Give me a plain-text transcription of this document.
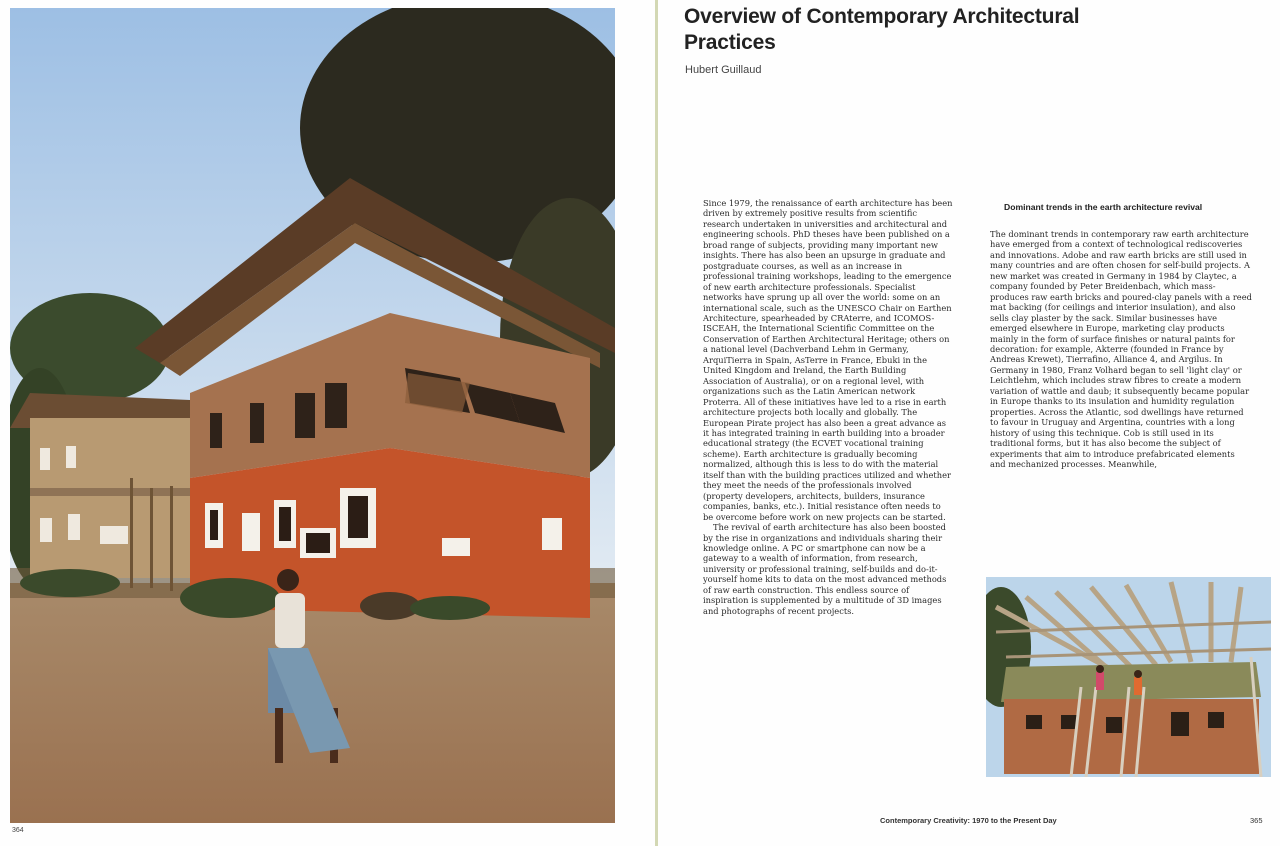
364
Overview of Contemporary Architectural Practices
Hubert Guillaud

Since 1979, the renaissance of earth architecture has been driven by extremely positive results from scientific research undertaken in universities and architectural and engineering schools. PhD theses have been published on a broad range of subjects, providing many important new insights. There has also been an upsurge in graduate and postgraduate courses, as well as an increase in professional training workshops, leading to the emergence of new earth architecture professionals. Specialist networks have sprung up all over the world: some on an international scale, such as the UNESCO Chair on Earthen Architecture, spearheaded by CRAterre, and ICOMOS-ISCEAH, the International Scientific Committee on the Conservation of Earthen Architectural Heritage; others on a national level (Dachverband Lehm in Germany, ArquiTierra in Spain, AsTerre in France, Ebuki in the United Kingdom and Ireland, the Earth Building Association of Australia), or on a regional level, with organizations such as the Latin American network Proterra. All of these initiatives have led to a rise in earth architecture projects both locally and globally. The European Pirate project has also been a great advance as it has integrated training in earth building into a broader educational strategy (the ECVET vocational training scheme). Earth architecture is gradually becoming normalized, although this is less to do with the material itself than with the building practices utilized and whether they meet the needs of the professionals involved (property developers, architects, builders, insurance companies, banks, etc.). Initial resistance often needs to be overcome before work on new projects can be started.

The revival of earth architecture has also been boosted by the rise in organizations and individuals sharing their knowledge online. A PC or smartphone can now be a gateway to a wealth of information, from research, university or professional training, self-builds and do-it-yourself home kits to data on the most advanced methods of raw earth construction. This endless source of inspiration is supplemented by a multitude of 3D images and photographs of recent projects.

Dominant trends in the earth architecture revival

The dominant trends in contemporary raw earth architecture have emerged from a context of technological rediscoveries and innovations. Adobe and raw earth bricks are still used in many countries and are often chosen for self-build projects. A new market was created in Germany in 1984 by Claytec, a company founded by Peter Breidenbach, which mass-produces raw earth bricks and poured-clay panels with a reed mat backing (for ceilings and interior insulation), and also sells clay plaster by the sack. Similar businesses have emerged elsewhere in Europe, marketing clay products mainly in the form of surface finishes or natural paints for decoration: for example, Akterre (founded in France by Andreas Krewet), Tierrafino, Alliance 4, and Argilus. In Germany in 1980, Franz Volhard began to sell 'light clay' or Leichtlehm, which includes straw fibres to create a modern variation of wattle and daub; it subsequently became popular in Europe thanks to its insulation and humidity regulation properties. Across the Atlantic, sod dwellings have returned to favour in Uruguay and Argentina, countries with a long history of using this technique. Cob is still used in its traditional forms, but it has also become the subject of experiments that aim to introduce prefabricated elements and mechanized processes. Meanwhile,

Contemporary Creativity: 1970 to the Present Day	365
